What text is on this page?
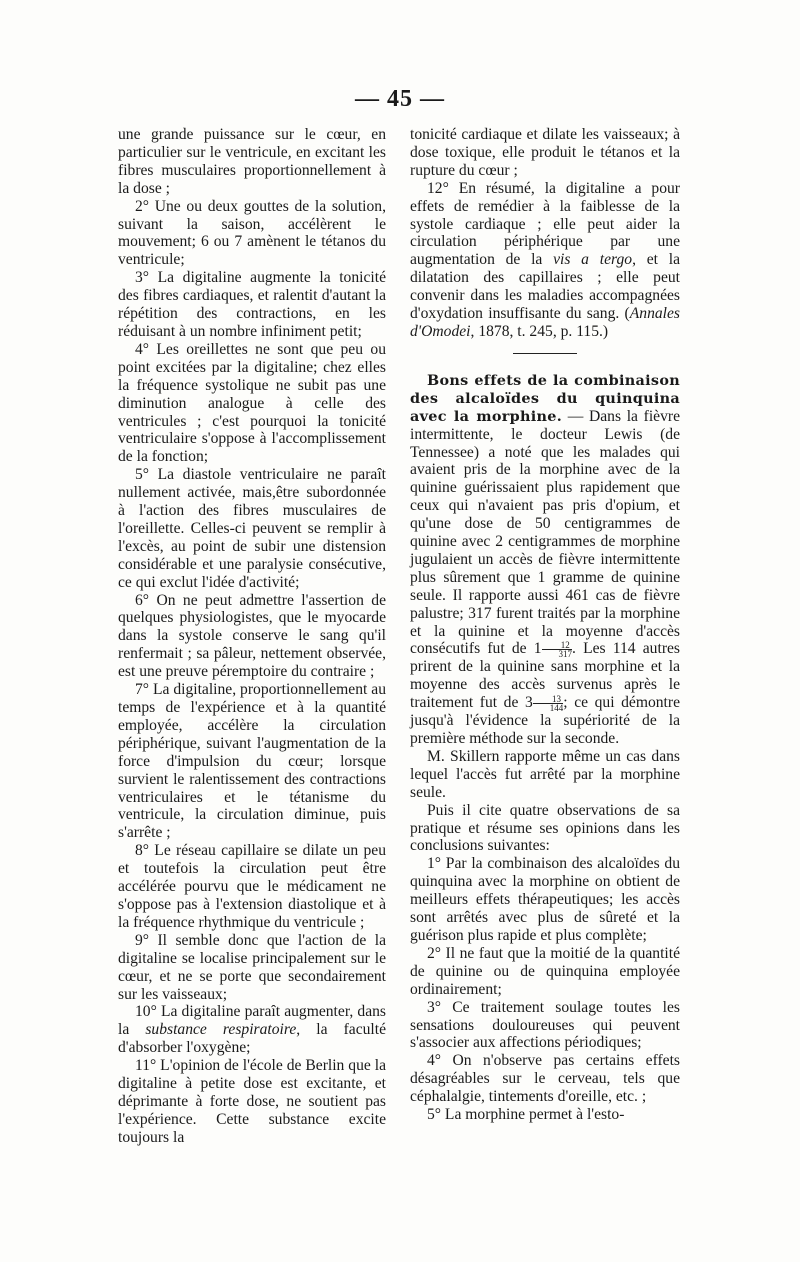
— 45 —

une grande puissance sur le cœur, en particulier sur le ventricule, en excitant les fibres musculaires proportionnellement à la dose ;

2° Une ou deux gouttes de la solution, suivant la saison, accélèrent le mouvement; 6 ou 7 amènent le tétanos du ventricule;

3° La digitaline augmente la tonicité des fibres cardiaques, et ralentit d'autant la répétition des contractions, en les réduisant à un nombre infiniment petit;

4° Les oreillettes ne sont que peu ou point excitées par la digitaline; chez elles la fréquence systolique ne subit pas une diminution analogue à celle des ventricules ; c'est pourquoi la tonicité ventriculaire s'oppose à l'accomplissement de la fonction;

5° La diastole ventriculaire ne paraît nullement activée, mais,être subordonnée à l'action des fibres musculaires de l'oreillette. Celles-ci peuvent se remplir à l'excès, au point de subir une distension considérable et une paralysie consécutive, ce qui exclut l'idée d'activité;

6° On ne peut admettre l'assertion de quelques physiologistes, que le myocarde dans la systole conserve le sang qu'il renfermait ; sa pâleur, nettement observée, est une preuve péremptoire du contraire ;

7° La digitaline, proportionnellement au temps de l'expérience et à la quantité employée, accélère la circulation périphérique, suivant l'augmentation de la force d'impulsion du cœur; lorsque survient le ralentissement des contractions ventriculaires et le tétanisme du ventricule, la circulation diminue, puis s'arrête ;

8° Le réseau capillaire se dilate un peu et toutefois la circulation peut être accélérée pourvu que le médicament ne s'oppose pas à l'extension diastolique et à la fréquence rhythmique du ventricule ;

9° Il semble donc que l'action de la digitaline se localise principalement sur le cœur, et ne se porte que secondairement sur les vaisseaux;

10° La digitaline paraît augmenter, dans la substance respiratoire, la faculté d'absorber l'oxygène;

11° L'opinion de l'école de Berlin que la digitaline à petite dose est excitante, et déprimante à forte dose, ne soutient pas l'expérience. Cette substance excite toujours la

tonicité cardiaque et dilate les vaisseaux; à dose toxique, elle produit le tétanos et la rupture du cœur ;

12° En résumé, la digitaline a pour effets de remédier à la faiblesse de la systole cardiaque ; elle peut aider la circulation périphérique par une augmentation de la vis a tergo, et la dilatation des capillaires ; elle peut convenir dans les maladies accompagnées d'oxydation insuffisante du sang. (Annales d'Omodei, 1878, t. 245, p. 115.)

Bons effets de la combinaison des alcaloïdes du quinquina avec la morphine. — Dans la fièvre intermittente, le docteur Lewis (de Tennessee) a noté que les malades qui avaient pris de la morphine avec de la quinine guérissaient plus rapidement que ceux qui n'avaient pas pris d'opium, et qu'une dose de 50 centigrammes de quinine avec 2 centigrammes de morphine jugulaient un accès de fièvre intermittente plus sûrement que 1 gramme de quinine seule. Il rapporte aussi 461 cas de fièvre palustre; 317 furent traités par la morphine et la quinine et la moyenne d'accès consécutifs fut de $1 \frac{12}{317}$ . Les 114 autres prirent de la quinine sans morphine et la moyenne des accès survenus après le traitement fut de $3 \frac{13}{144}$ ; ce qui démontre jusqu'à l'évidence la supériorité de la première méthode sur la seconde.

M. Skillern rapporte même un cas dans lequel l'accès fut arrêté par la morphine seule.

Puis il cite quatre observations de sa pratique et résume ses opinions dans les conclusions suivantes:

1° Par la combinaison des alcaloïdes du quinquina avec la morphine on obtient de meilleurs effets thérapeutiques; les accès sont arrêtés avec plus de sûreté et la guérison plus rapide et plus complète;

2° Il ne faut que la moitié de la quantité de quinine ou de quinquina employée ordinairement;

3° Ce traitement soulage toutes les sensations douloureuses qui peuvent s'associer aux affections périodiques;

4° On n'observe pas certains effets désagréables sur le cerveau, tels que céphalalgie, tintements d'oreille, etc. ;

5° La morphine permet à l'esto-
